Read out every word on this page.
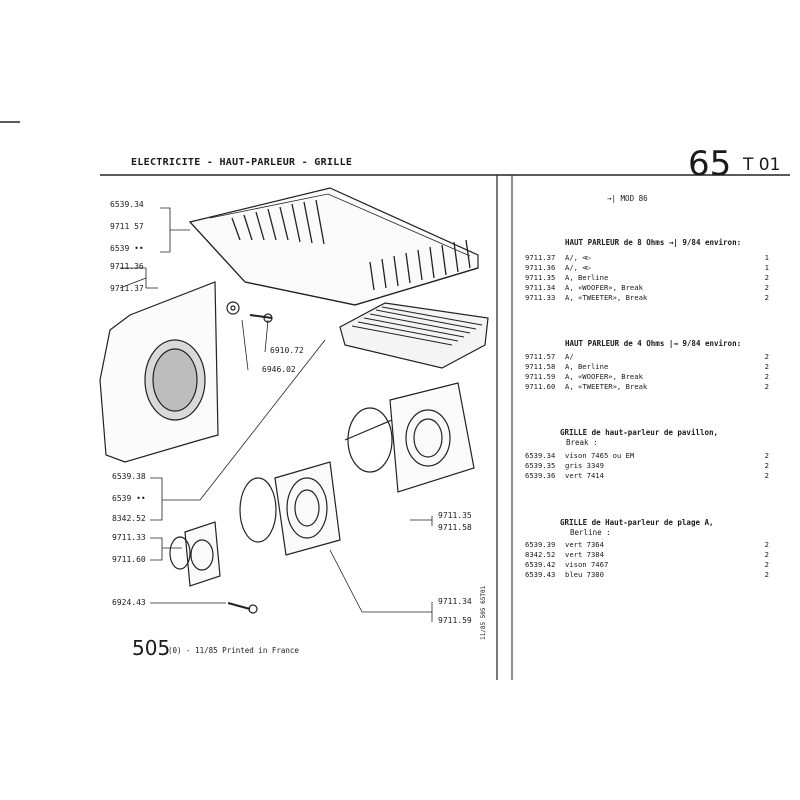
ELECTRICITE - HAUT-PARLEUR - GRILLE	65 T 01
6539.34
9711 57
6539 ••
9711.36
9711.37
6910.72
6946.02
6539.38
6539 ••
8342.52
9711.33
9711.60
9711.35
9711.58
6924.43	9711.34
9711.59
→| MOD 86
HAUT PARLEUR de 8 Ohms →| 9/84 environ:
9711.37	A/, ⊲▷ .....	1
9711.36	A/, ⊲▷ .....	1
9711.35	A, Berline .....	2
9711.34	A, «WOOFER», Break .....	2
9711.33	A, «TWEETER», Break .....	2
HAUT PARLEUR de 4 Ohms |→ 9/84 environ:
9711.57	A/ .....	2
9711.58	A, Berline .....	2
9711.59	A, «WOOFER», Break .....	2
9711.60	A, «TWEETER», Break .....	2
GRILLE de haut-parleur de pavillon,
Break :
6539.34	vison 7465 ou EM .....	2
6539.35	gris 3349 .....	2
6539.36	vert 7414 .....	2
GRILLE de Haut-parleur de plage A,
Berline :
6539.39	vert 7364 .....	2
8342.52	vert 7384 .....	2
6539.42	vison 7467 .....	2
6539.43	bleu 7380 .....	2
505
(0) - 11/85 Printed in France
11/85 505 65T01
